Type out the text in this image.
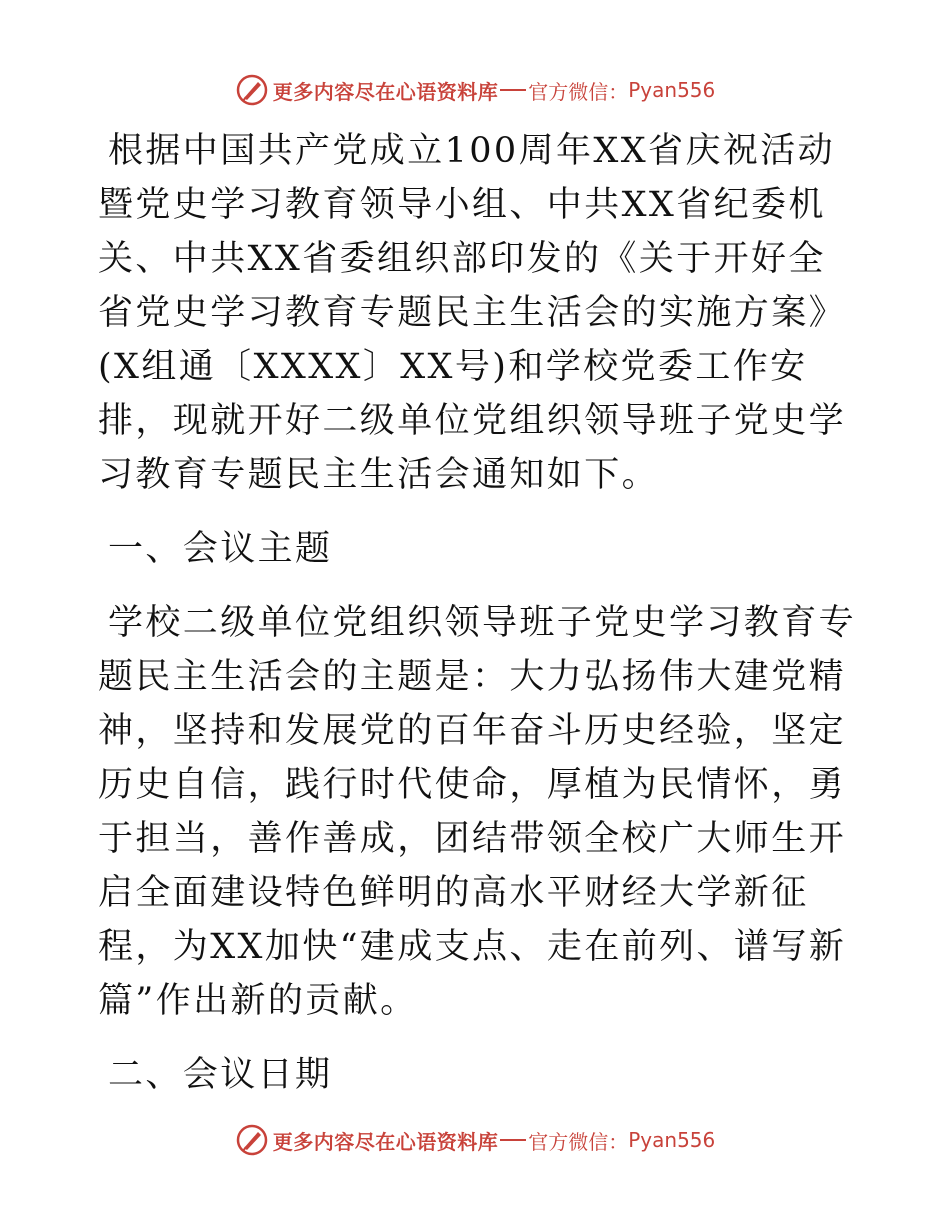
更多内容尽在心语资料库 官方微信： Pyan556

根据中国共产党成立100周年XX省庆祝活动暨党史学习教育领导小组、中共XX省纪委机关、中共XX省委组织部印发的《关于开好全省党史学习教育专题民主生活会的实施方案》(X组通〔XXXX〕XX号)和学校党委工作安排，现就开好二级单位党组织领导班子党史学习教育专题民主生活会通知如下。

一、会议主题

学校二级单位党组织领导班子党史学习教育专题民主生活会的主题是：大力弘扬伟大建党精神，坚持和发展党的百年奋斗历史经验，坚定历史自信，践行时代使命，厚植为民情怀，勇于担当，善作善成，团结带领全校广大师生开启全面建设特色鲜明的高水平财经大学新征程，为XX加快“建成支点、走在前列、谱写新篇”作出新的贡献。

二、会议日期
更多内容尽在心语资料库 官方微信： Pyan556
